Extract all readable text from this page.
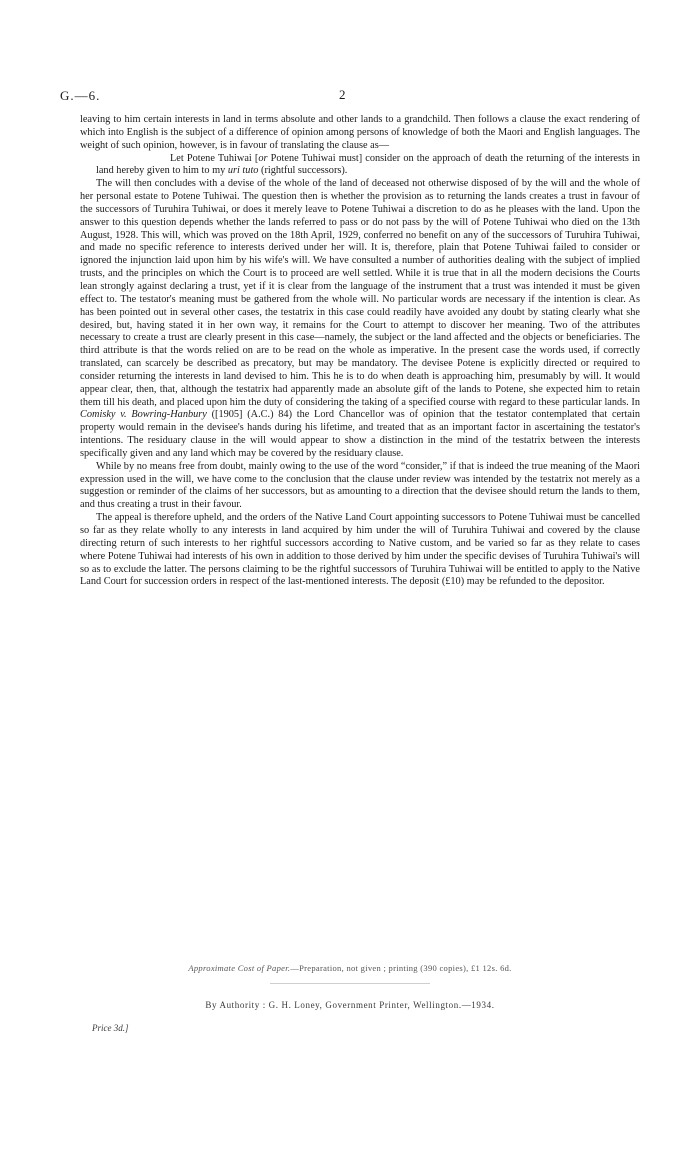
G.—6.	2

leaving to him certain interests in land in terms absolute and other lands to a grandchild. Then follows a clause the exact rendering of which into English is the subject of a difference of opinion among persons of knowledge of both the Maori and English languages. The weight of such opinion, however, is in favour of translating the clause as—

Let Potene Tuhiwai [or Potene Tuhiwai must] consider on the approach of death the returning of the interests in land hereby given to him to my uri tuto (rightful successors).

The will then concludes with a devise of the whole of the land of deceased not otherwise disposed of by the will and the whole of her personal estate to Potene Tuhiwai. The question then is whether the provision as to returning the lands creates a trust in favour of the successors of Turuhira Tuhiwai, or does it merely leave to Potene Tuhiwai a discretion to do as he pleases with the land. Upon the answer to this question depends whether the lands referred to pass or do not pass by the will of Potene Tuhiwai who died on the 13th August, 1928. This will, which was proved on the 18th April, 1929, conferred no benefit on any of the successors of Turuhira Tuhiwai, and made no specific reference to interests derived under her will. It is, therefore, plain that Potene Tuhiwai failed to consider or ignored the injunction laid upon him by his wife's will. We have consulted a number of authorities dealing with the subject of implied trusts, and the principles on which the Court is to proceed are well settled. While it is true that in all the modern decisions the Courts lean strongly against declaring a trust, yet if it is clear from the language of the instrument that a trust was intended it must be given effect to. The testator's meaning must be gathered from the whole will. No particular words are necessary if the intention is clear. As has been pointed out in several other cases, the testatrix in this case could readily have avoided any doubt by stating clearly what she desired, but, having stated it in her own way, it remains for the Court to attempt to discover her meaning. Two of the attributes necessary to create a trust are clearly present in this case—namely, the subject or the land affected and the objects or beneficiaries. The third attribute is that the words relied on are to be read on the whole as imperative. In the present case the words used, if correctly translated, can scarcely be described as precatory, but may be mandatory. The devisee Potene is explicitly directed or required to consider returning the interests in land devised to him. This he is to do when death is approaching him, presumably by will. It would appear clear, then, that, although the testatrix had apparently made an absolute gift of the lands to Potene, she expected him to retain them till his death, and placed upon him the duty of considering the taking of a specified course with regard to these particular lands. In Comisky v. Bowring-Hanbury ([1905] (A.C.) 84) the Lord Chancellor was of opinion that the testator contemplated that certain property would remain in the devisee's hands during his lifetime, and treated that as an important factor in ascertaining the testator's intentions. The residuary clause in the will would appear to show a distinction in the mind of the testatrix between the interests specifically given and any land which may be covered by the residuary clause.

While by no means free from doubt, mainly owing to the use of the word “consider,” if that is indeed the true meaning of the Maori expression used in the will, we have come to the conclusion that the clause under review was intended by the testatrix not merely as a suggestion or reminder of the claims of her successors, but as amounting to a direction that the devisee should return the lands to them, and thus creating a trust in their favour.

The appeal is therefore upheld, and the orders of the Native Land Court appointing successors to Potene Tuhiwai must be cancelled so far as they relate wholly to any interests in land acquired by him under the will of Turuhira Tuhiwai and covered by the clause directing return of such interests to her rightful successors according to Native custom, and be varied so far as they relate to cases where Potene Tuhiwai had interests of his own in addition to those derived by him under the specific devises of Turuhira Tuhiwai's will so as to exclude the latter. The persons claiming to be the rightful successors of Turuhira Tuhiwai will be entitled to apply to the Native Land Court for succession orders in respect of the last-mentioned interests. The deposit (£10) may be refunded to the depositor.

Approximate Cost of Paper.—Preparation, not given ; printing (390 copies), £1 12s. 6d.
By Authority : G. H. Loney, Government Printer, Wellington.—1934.
Price 3d.]
